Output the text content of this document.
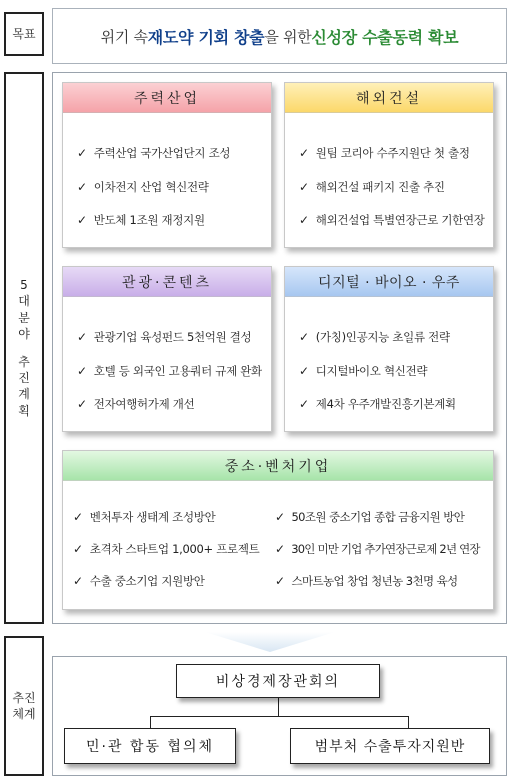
목표
5
대
분
야
추
진
계
획
추진
체계
위기 속 재도약 기회 창출 을 위한 신성장 수출동력 확보
주력산업
✓ 주력산업 국가산업단지 조성
✓ 이차전지 산업 혁신전략
✓ 반도체 1조원 재정지원
해외건설
✓ 원팀 코리아 수주지원단 첫 출정
✓ 해외건설 패키지 진출 추진
✓ 해외건설업 특별연장근로 기한연장
관광·콘텐츠
✓ 관광기업 육성펀드 5천억원 결성
✓ 호텔 등 외국인 고용쿼터 규제 완화
✓ 전자여행허가제 개선
디지털 · 바이오 · 우주
✓ (가칭)인공지능 초일류 전략
✓ 디지털바이오 혁신전략
✓ 제4차 우주개발진흥기본계획
중소·벤처기업
✓ 벤처투자 생태계 조성방안
✓ 초격차 스타트업 1,000+ 프로젝트
✓ 수출 중소기업 지원방안
✓ 50조원 중소기업 종합 금융지원 방안
✓ 30인 미만 기업 추가연장근로제 2년 연장
✓ 스마트농업 창업 청년농 3천명 육성
비상경제장관회의
민·관 합동 협의체	범부처 수출투자지원반
